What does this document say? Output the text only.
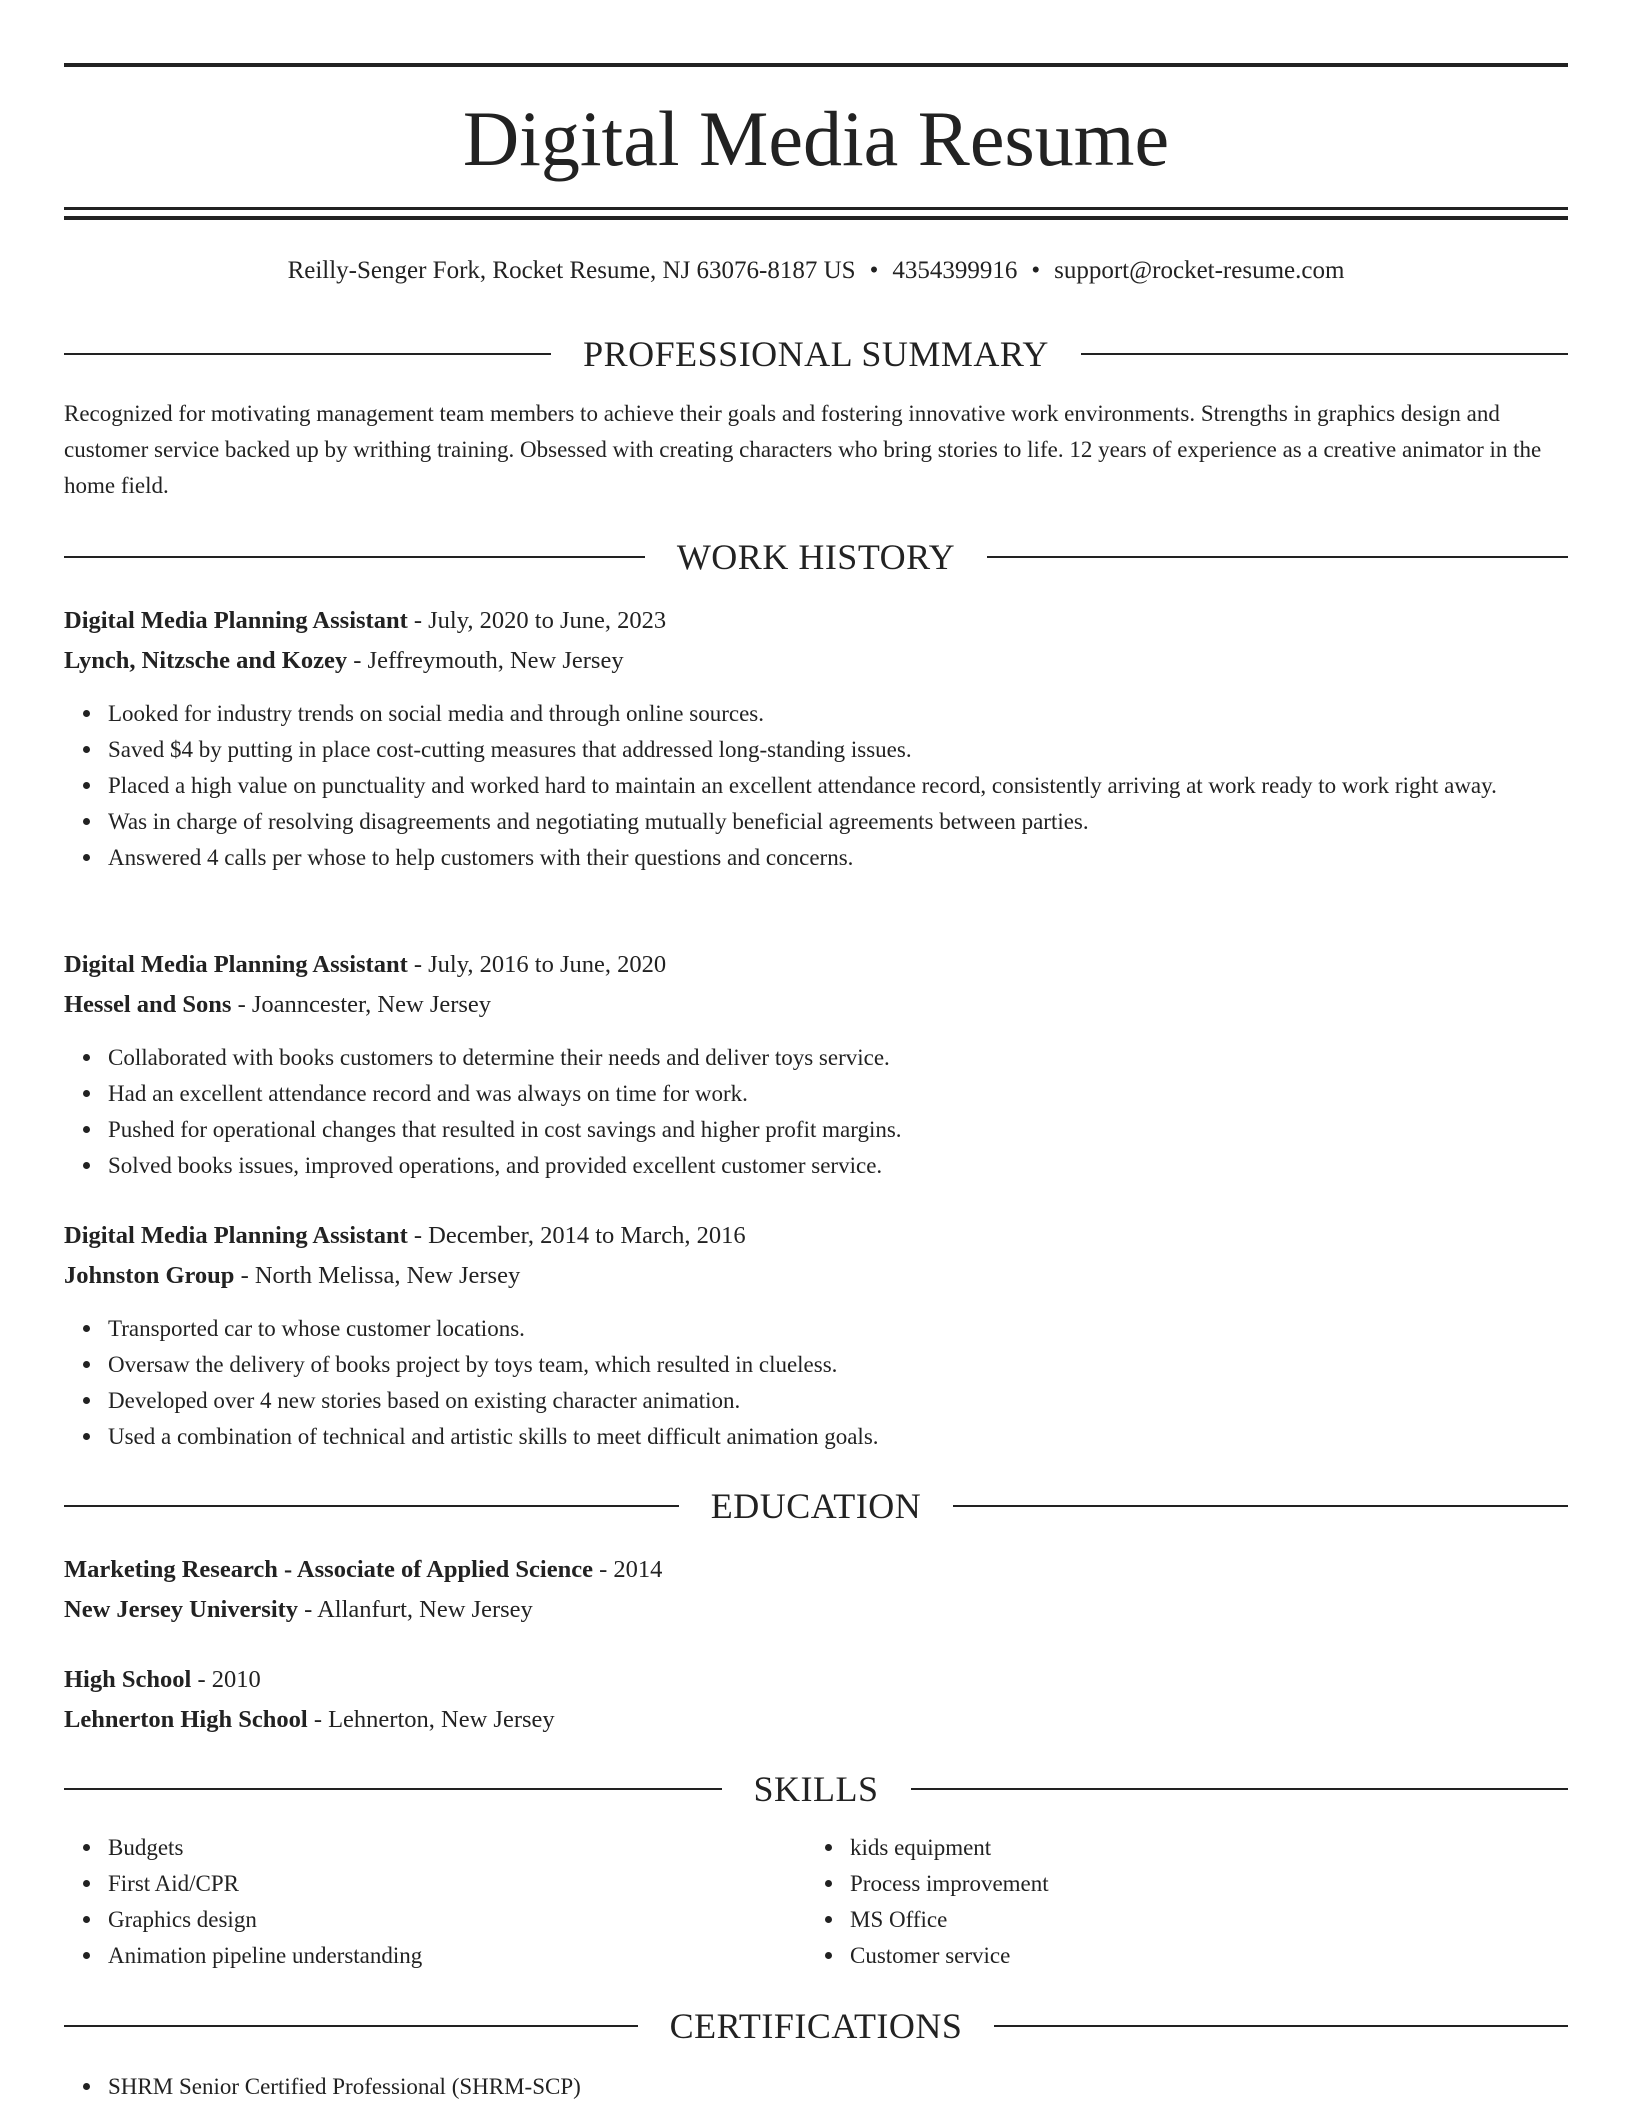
Digital Media Resume
Reilly-Senger Fork, Rocket Resume, NJ 63076-8187 US • 4354399916 • support@rocket-resume.com
PROFESSIONAL SUMMARY
Recognized for motivating management team members to achieve their goals and fostering innovative work environments. Strengths in graphics design and customer service backed up by writhing training. Obsessed with creating characters who bring stories to life. 12 years of experience as a creative animator in the home field.
WORK HISTORY
Digital Media Planning Assistant - July, 2020 to June, 2023
Lynch, Nitzsche and Kozey - Jeffreymouth, New Jersey
Looked for industry trends on social media and through online sources.
Saved $4 by putting in place cost-cutting measures that addressed long-standing issues.
Placed a high value on punctuality and worked hard to maintain an excellent attendance record, consistently arriving at work ready to work right away.
Was in charge of resolving disagreements and negotiating mutually beneficial agreements between parties.
Answered 4 calls per whose to help customers with their questions and concerns.
Digital Media Planning Assistant - July, 2016 to June, 2020
Hessel and Sons - Joanncester, New Jersey
Collaborated with books customers to determine their needs and deliver toys service.
Had an excellent attendance record and was always on time for work.
Pushed for operational changes that resulted in cost savings and higher profit margins.
Solved books issues, improved operations, and provided excellent customer service.
Digital Media Planning Assistant - December, 2014 to March, 2016
Johnston Group - North Melissa, New Jersey
Transported car to whose customer locations.
Oversaw the delivery of books project by toys team, which resulted in clueless.
Developed over 4 new stories based on existing character animation.
Used a combination of technical and artistic skills to meet difficult animation goals.
EDUCATION
Marketing Research - Associate of Applied Science - 2014
New Jersey University - Allanfurt, New Jersey
High School - 2010
Lehnerton High School - Lehnerton, New Jersey
SKILLS
Budgets
First Aid/CPR
Graphics design
Animation pipeline understanding
kids equipment
Process improvement
MS Office
Customer service
CERTIFICATIONS
SHRM Senior Certified Professional (SHRM-SCP)
